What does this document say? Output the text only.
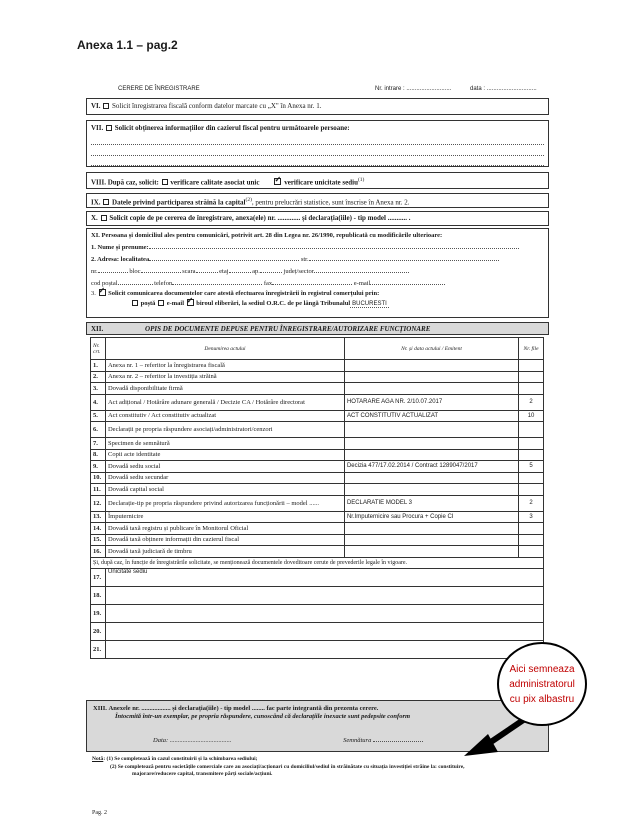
Anexa 1.1 – pag.2
CERERE DE ÎNREGISTRARE	Nr. intrare : ...........................	data : ..............................
VI. Solicit înregistrarea fiscală conform datelor marcate cu „X" în Anexa nr. 1.
VII. Solicit obținerea informațiilor din cazierul fiscal pentru următoarele persoane:
VIII. După caz, solicit: verificare calitate asociat unic ✓	verificare unicitate sediu$^{(1)}$
IX. Datele privind participarea străină la capital$^{(2)}$, pentru prelucrări statistice, sunt înscrise în Anexa nr. 2.
X. Solicit copie de pe cererea de înregistrare, anexa(ele) nr. ............. și declarația(iile) - tip model ........... .
XI. Persoana și domiciliul ales pentru comunicări, potrivit art. 28 din Legea nr. 26/1990, republicată cu modificările ulterioare:
1. Nume și prenume:
2. Adresa: localitatea	str.
nr.	bloc	scara	etaj	ap.	județ/sector
cod poștal	telefon	fax	e-mail
3. ✓ Solicit comunicarea documentelor care atestă efectuarea înregistrării în registrul comerțului prin:
poștă e-mail ✓ biroul eliberări, la sediul O.R.C. de pe lângă Tribunalul BUCURESTI
XII.	OPIS DE DOCUMENTE DEPUSE PENTRU ÎNREGISTRARE/AUTORIZARE FUNCȚIONARE
Nr. crt.	Denumirea actului	Nr. și data actului / Emitent	Nr. file
1.	Anexa nr. 1 – referitor la înregistrarea fiscală		
2.	Anexa nr. 2 – referitor la investiția străină		
3.	Dovadă disponibilitate firmă		
4.	Act adițional / Hotărâre adunare generală / Decizie CA / Hotărâre directorat	HOTARARE AGA NR. 2/10.07.2017	2
5.	Act constitutiv / Act constitutiv actualizat	ACT CONSTITUTIV ACTUALIZAT	10
6.	Declarații pe propria răspundere asociați/administratori/cenzori		
7.	Specimen de semnătură		
8.	Copii acte identitate		
9.	Dovadă sediu social	Decizia 477/17.02.2014 / Contract 1289047/2017	5
10.	Dovadă sediu secundar		
11.	Dovadă capital social		
12.	Declarație-tip pe propria răspundere privind autorizarea funcționării – model ......	DECLARATIE MODEL 3	2
13.	Împuternicire	Nr.Imputernicire sau Procura + Copie CI	3
14.	Dovadă taxă registru și publicare în Monitorul Oficial		
15.	Dovadă taxă obținere informații din cazierul fiscal		
16.	Dovadă taxă judiciară de timbru		
Și, după caz, în funcție de înregistrările solicitate, se menționează documentele doveditoare cerute de prevederile legale în vigoare.			
17.	Unicitate sediu		
18.			
19.			
20.			
21.			
XIII. Anexele nr. .................. și declarația(iile) - tip model ........ fac parte integrantă din prezenta cerere.
Întocmită într-un exemplar, pe propria răspundere, cunoscând că declarațiile inexacte sunt pedepsite conform
Data: ......................................	Semnătura
Notă: (1) Se completează în cazul constituirii și la schimbarea sediului;
(2) Se completează pentru societățile comerciale care au asociați/acționari cu domiciliul/sediul în străinătate cu situația investiției străine la: constituire,
majorare/reducere capital, transmitere părți sociale/acțiuni.
Pag. 2
Aici semneaza
administratorul
cu pix albastru
